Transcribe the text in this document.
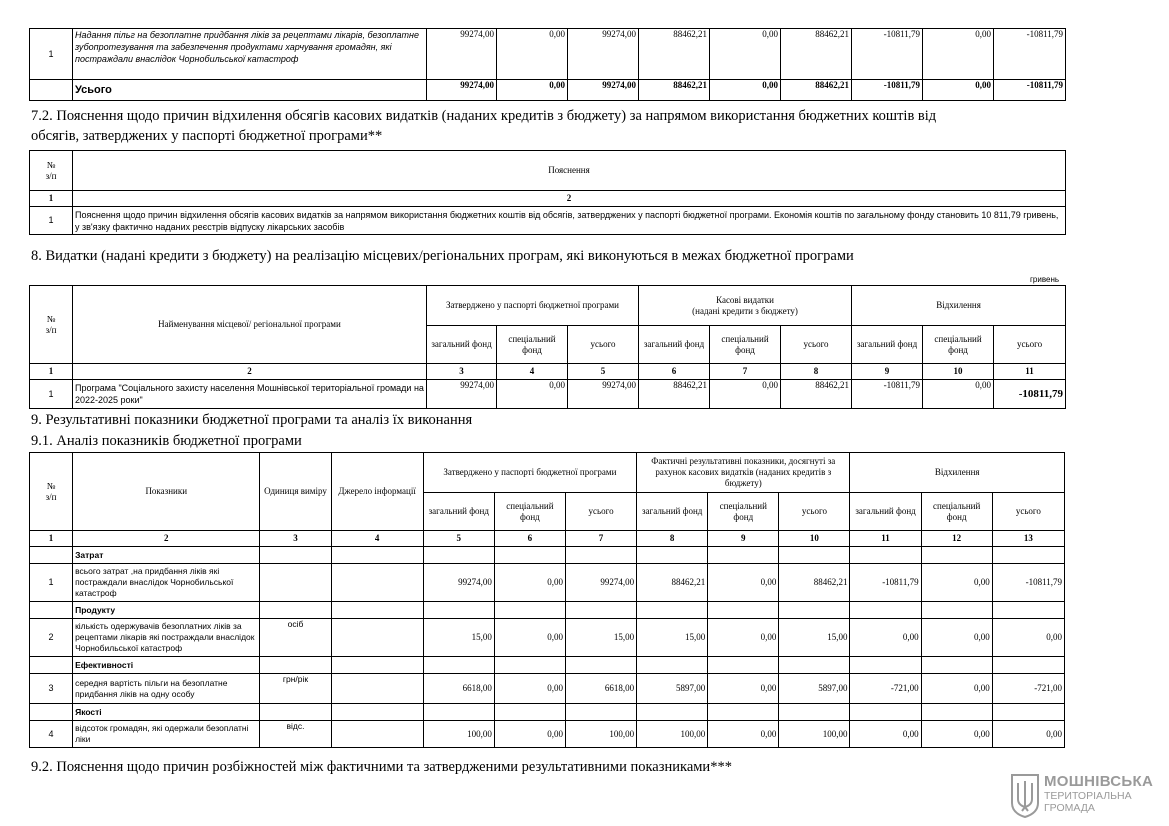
1	Надання пільг на безоплатне придбання ліків за рецептами лікарів, безоплатне зубопротезування та забезпечення продуктами харчування громадян, які постраждали внаслідок Чорнобильської катастроф	99274,00	0,00	99274,00	88462,21	0,00	88462,21	-10811,79	0,00	-10811,79
	Усього	99274,00	0,00	99274,00	88462,21	0,00	88462,21	-10811,79	0,00	-10811,79
7.2. Пояснення щодо причин відхилення обсягів касових видатків (наданих кредитів з бюджету) за напрямом використання бюджетних коштів від
обсягів, затверджених у паспорті бюджетної програми**
№
з/п	Пояснення
1	2
1	Пояснення щодо причин відхилення обсягів касових видатків за напрямом використання бюджетних коштів від обсягів, затверджених у паспорті бюджетної програми. Економія коштів по загальному фонду становить 10 811,79 гривень, у зв'язку фактично наданих реєстрів відпуску лікарських засобів
8. Видатки (надані кредити з бюджету) на реалізацію місцевих/регіональних програм, які виконуються в межах бюджетної програми
гривень
№
з/п	Найменування місцевої/ регіональної програми	Затверджено у паспорті бюджетної програми			Касові видатки
(надані кредити з бюджету)			Відхилення		
		загальний фонд	спеціальний фонд	усього	загальний фонд	спеціальний фонд	усього	загальний фонд	спеціальний фонд	усього
1	2	3	4	5	6	7	8	9	10	11
1	Програма "Соціального захисту населення Мошнівської територіальної громади на 2022-2025 роки"	99274,00	0,00	99274,00	88462,21	0,00	88462,21	-10811,79	0,00	-10811,79
9. Результативні показники бюджетної програми та аналіз їх виконання
9.1. Аналіз показників бюджетної програми
№
з/п	Показники	Одиниця виміру	Джерело інформації	Затверджено у паспорті бюджетної програми			Фактичні результативні показники, досягнуті за рахунок касових видатків (наданих кредитів з бюджету)			Відхилення		
				загальний фонд	спеціальний фонд	усього	загальний фонд	спеціальний фонд	усього	загальний фонд	спеціальний фонд	усього
1	2	3	4	5	6	7	8	9	10	11	12	13
	Затрат											
1	всього затрат ,на придбання ліків які постраждали внаслідок Чорнобильської катастроф			99274,00	0,00	99274,00	88462,21	0,00	88462,21	-10811,79	0,00	-10811,79
	Продукту											
2	кількість одержувачів безоплатних ліків за рецептами лікарів які постраждали внаслідок Чорнобильської катастроф	осіб		15,00	0,00	15,00	15,00	0,00	15,00	0,00	0,00	0,00
	Ефективності											
3	середня вартість пільги на безоплатне придбання ліків на одну особу	грн/рік		6618,00	0,00	6618,00	5897,00	0,00	5897,00	-721,00	0,00	-721,00
	Якості											
4	відсоток громадян, які одержали безоплатні ліки	відс.		100,00	0,00	100,00	100,00	0,00	100,00	0,00	0,00	0,00
9.2. Пояснення щодо причин розбіжностей між фактичними та затвердженими результативними показниками***
МОШНІВСЬКА
ТЕРИТОРІАЛЬНА
ГРОМАДА
